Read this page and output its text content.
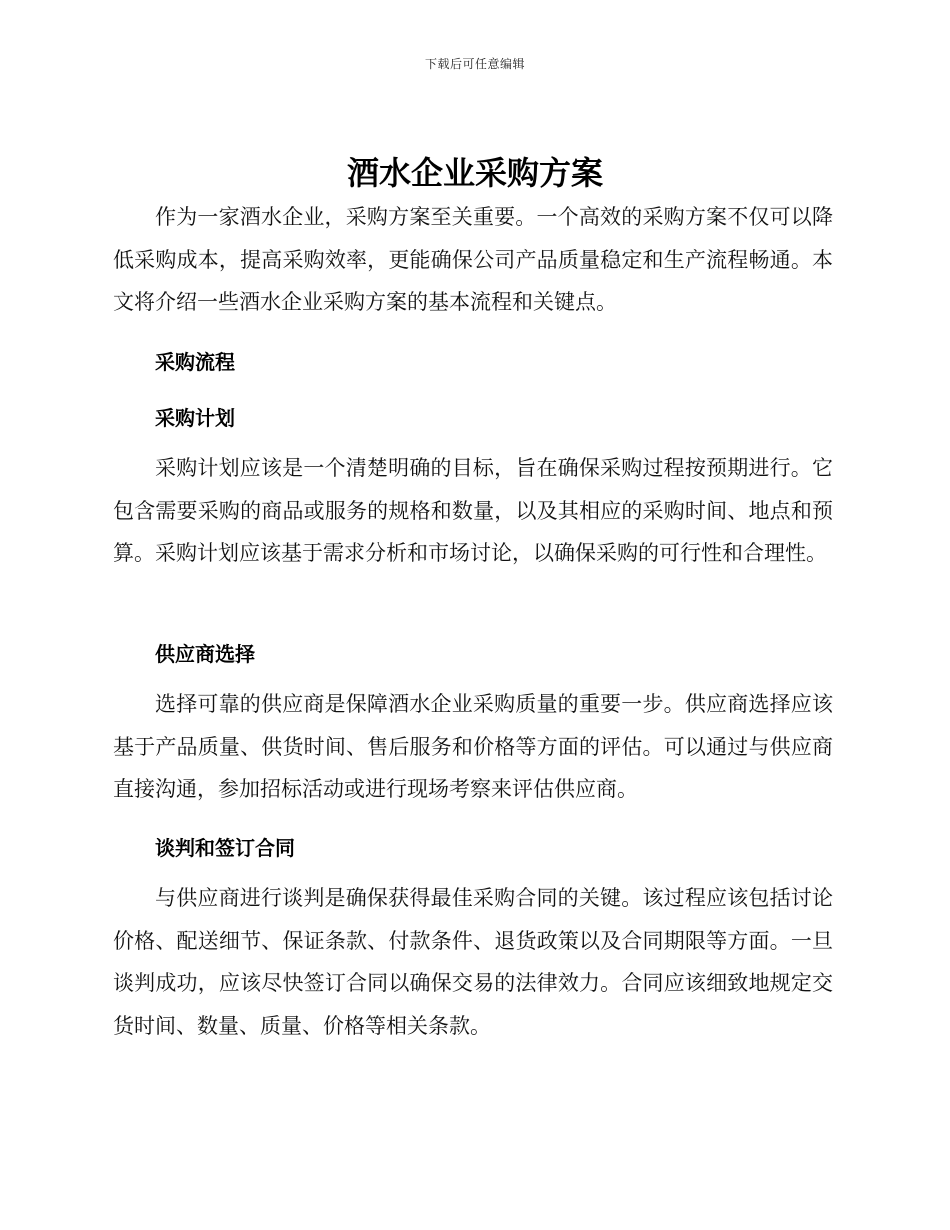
下载后可任意编辑
酒水企业采购方案

作为一家酒水企业，采购方案至关重要。一个高效的采购方案不仅可以降低采购成本，提高采购效率，更能确保公司产品质量稳定和生产流程畅通。本文将介绍一些酒水企业采购方案的基本流程和关键点。

采购流程
采购计划

采购计划应该是一个清楚明确的目标，旨在确保采购过程按预期进行。它包含需要采购的商品或服务的规格和数量，以及其相应的采购时间、地点和预算。采购计划应该基于需求分析和市场讨论，以确保采购的可行性和合理性。

供应商选择

选择可靠的供应商是保障酒水企业采购质量的重要一步。供应商选择应该基于产品质量、供货时间、售后服务和价格等方面的评估。可以通过与供应商直接沟通，参加招标活动或进行现场考察来评估供应商。

谈判和签订合同

与供应商进行谈判是确保获得最佳采购合同的关键。该过程应该包括讨论价格、配送细节、保证条款、付款条件、退货政策以及合同期限等方面。一旦谈判成功，应该尽快签订合同以确保交易的法律效力。合同应该细致地规定交货时间、数量、质量、价格等相关条款。
